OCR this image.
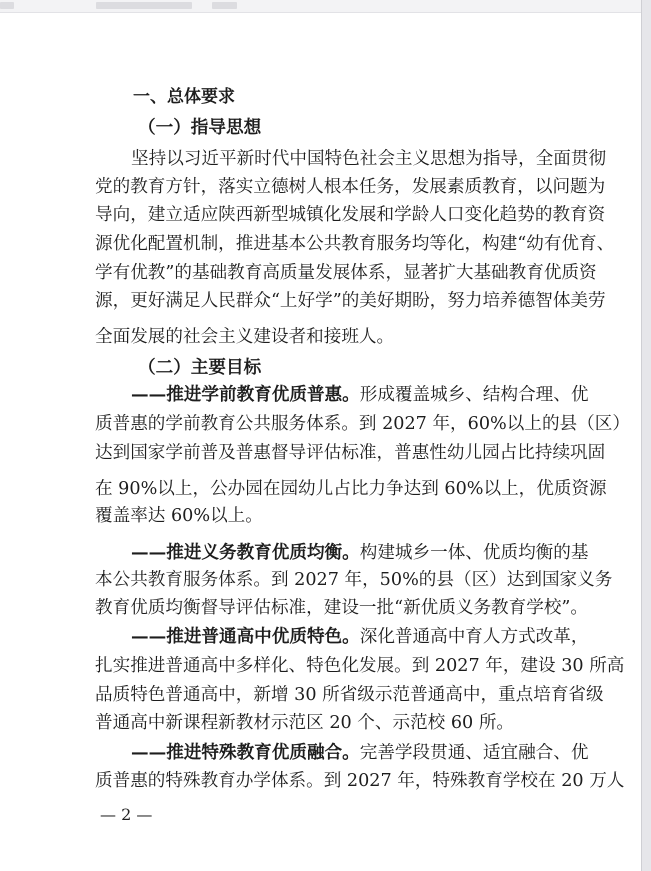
一、总体要求
（一）指导思想
坚持以习近平新时代中国特色社会主义思想为指导，全面贯彻
党的教育方针，落实立德树人根本任务，发展素质教育，以问题为
导向，建立适应陕西新型城镇化发展和学龄人口变化趋势的教育资
源优化配置机制，推进基本公共教育服务均等化，构建“幼有优育、
学有优教”的基础教育高质量发展体系，显著扩大基础教育优质资
源，更好满足人民群众“上好学”的美好期盼，努力培养德智体美劳
全面发展的社会主义建设者和接班人。
（二）主要目标
——推进学前教育优质普惠。形成覆盖城乡、结构合理、优
质普惠的学前教育公共服务体系。到 2027 年，60%以上的县（区）
达到国家学前普及普惠督导评估标准，普惠性幼儿园占比持续巩固
在 90%以上，公办园在园幼儿占比力争达到 60%以上，优质资源
覆盖率达 60%以上。
——推进义务教育优质均衡。构建城乡一体、优质均衡的基
本公共教育服务体系。到 2027 年，50%的县（区）达到国家义务
教育优质均衡督导评估标准，建设一批“新优质义务教育学校”。
——推进普通高中优质特色。深化普通高中育人方式改革，
扎实推进普通高中多样化、特色化发展。到 2027 年，建设 30 所高
品质特色普通高中，新增 30 所省级示范普通高中，重点培育省级
普通高中新课程新教材示范区 20 个、示范校 60 所。
——推进特殊教育优质融合。完善学段贯通、适宜融合、优
质普惠的特殊教育办学体系。到 2027 年，特殊教育学校在 20 万人
— 2 —
